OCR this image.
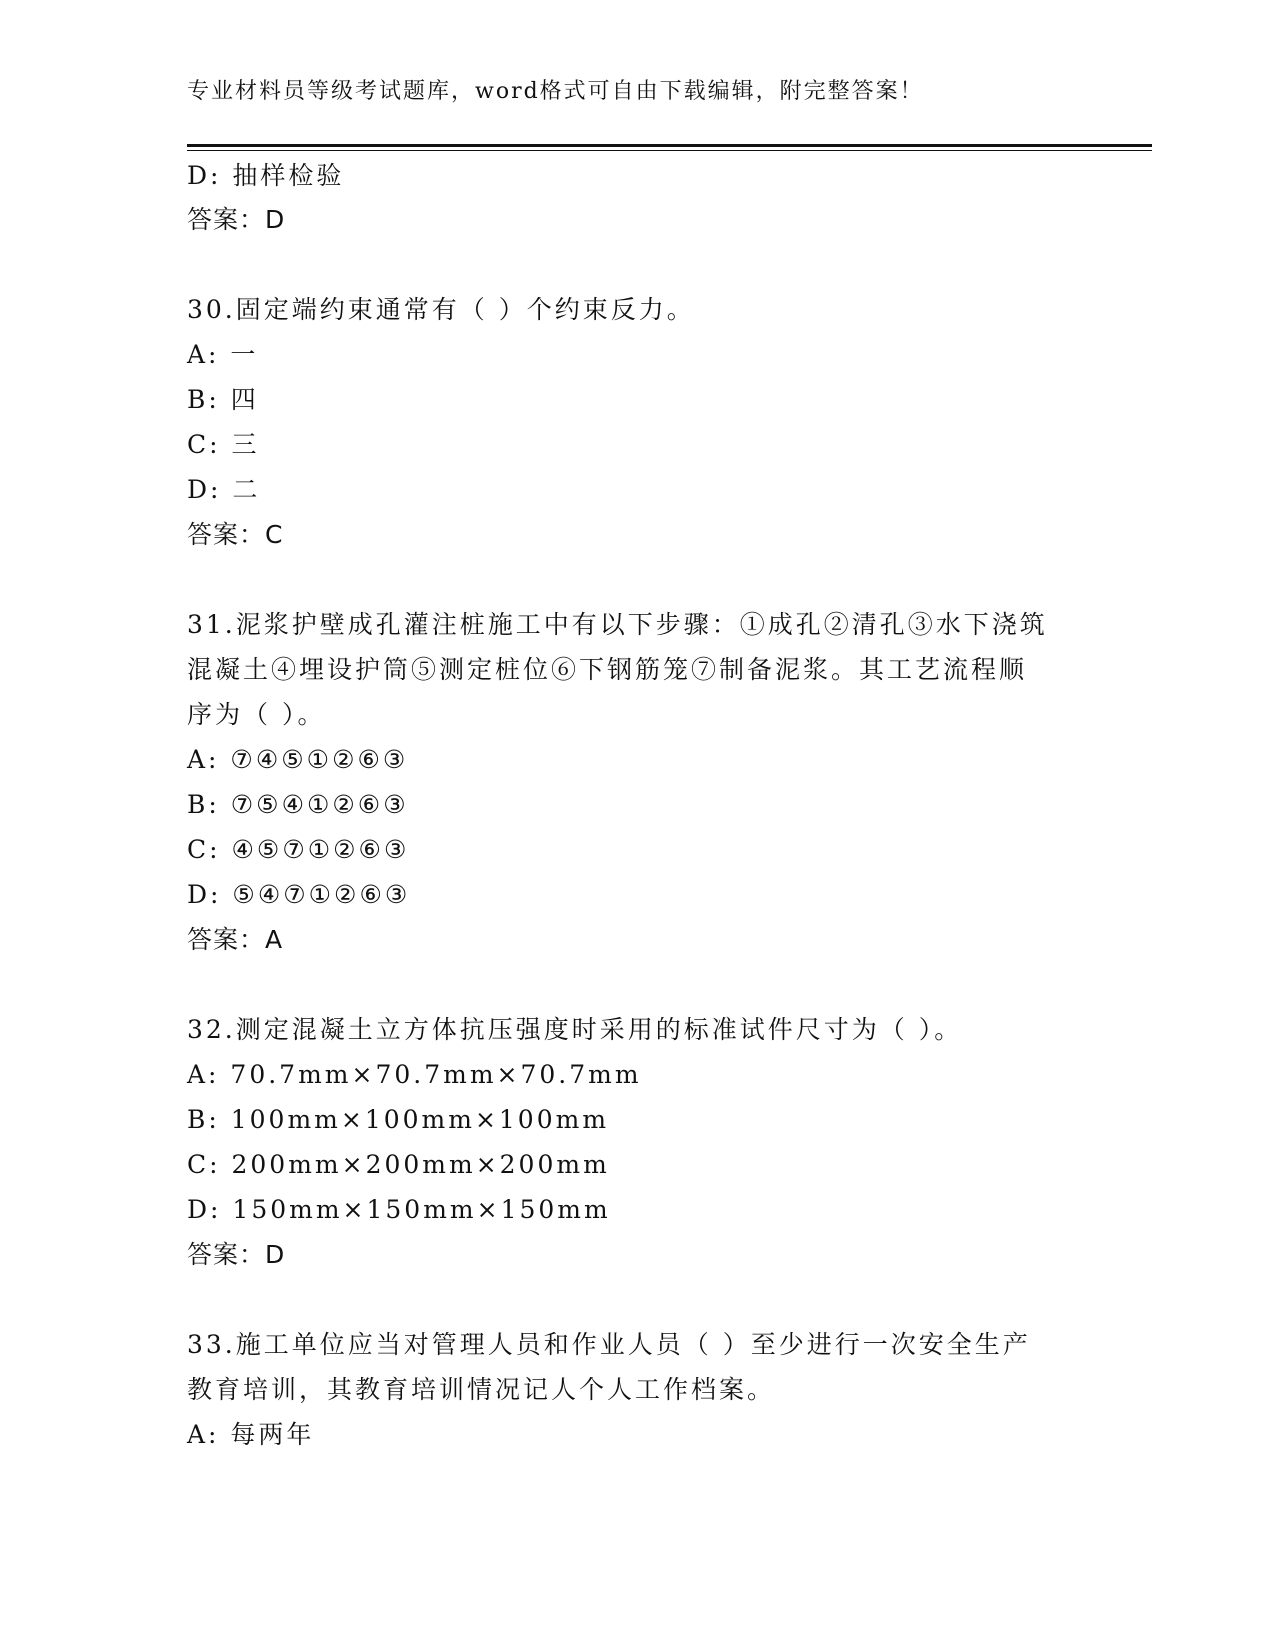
专业材料员等级考试题库，word格式可自由下载编辑，附完整答案！
D: 抽样检验
答案：D
30.固定端约束通常有（ ）个约束反力。
A: 一
B: 四
C: 三
D: 二
答案：C
31.泥浆护壁成孔灌注桩施工中有以下步骤：①成孔②清孔③水下浇筑
混凝土④埋设护筒⑤测定桩位⑥下钢筋笼⑦制备泥浆。其工艺流程顺
序为（ ）。
A: ⑦④⑤①②⑥③
B: ⑦⑤④①②⑥③
C: ④⑤⑦①②⑥③
D: ⑤④⑦①②⑥③
答案：A
32.测定混凝土立方体抗压强度时采用的标准试件尺寸为（ ）。
A: 70.7mm×70.7mm×70.7mm
B: 100mm×100mm×100mm
C: 200mm×200mm×200mm
D: 150mm×150mm×150mm
答案：D
33.施工单位应当对管理人员和作业人员（ ）至少进行一次安全生产
教育培训，其教育培训情况记人个人工作档案。
A: 每两年
